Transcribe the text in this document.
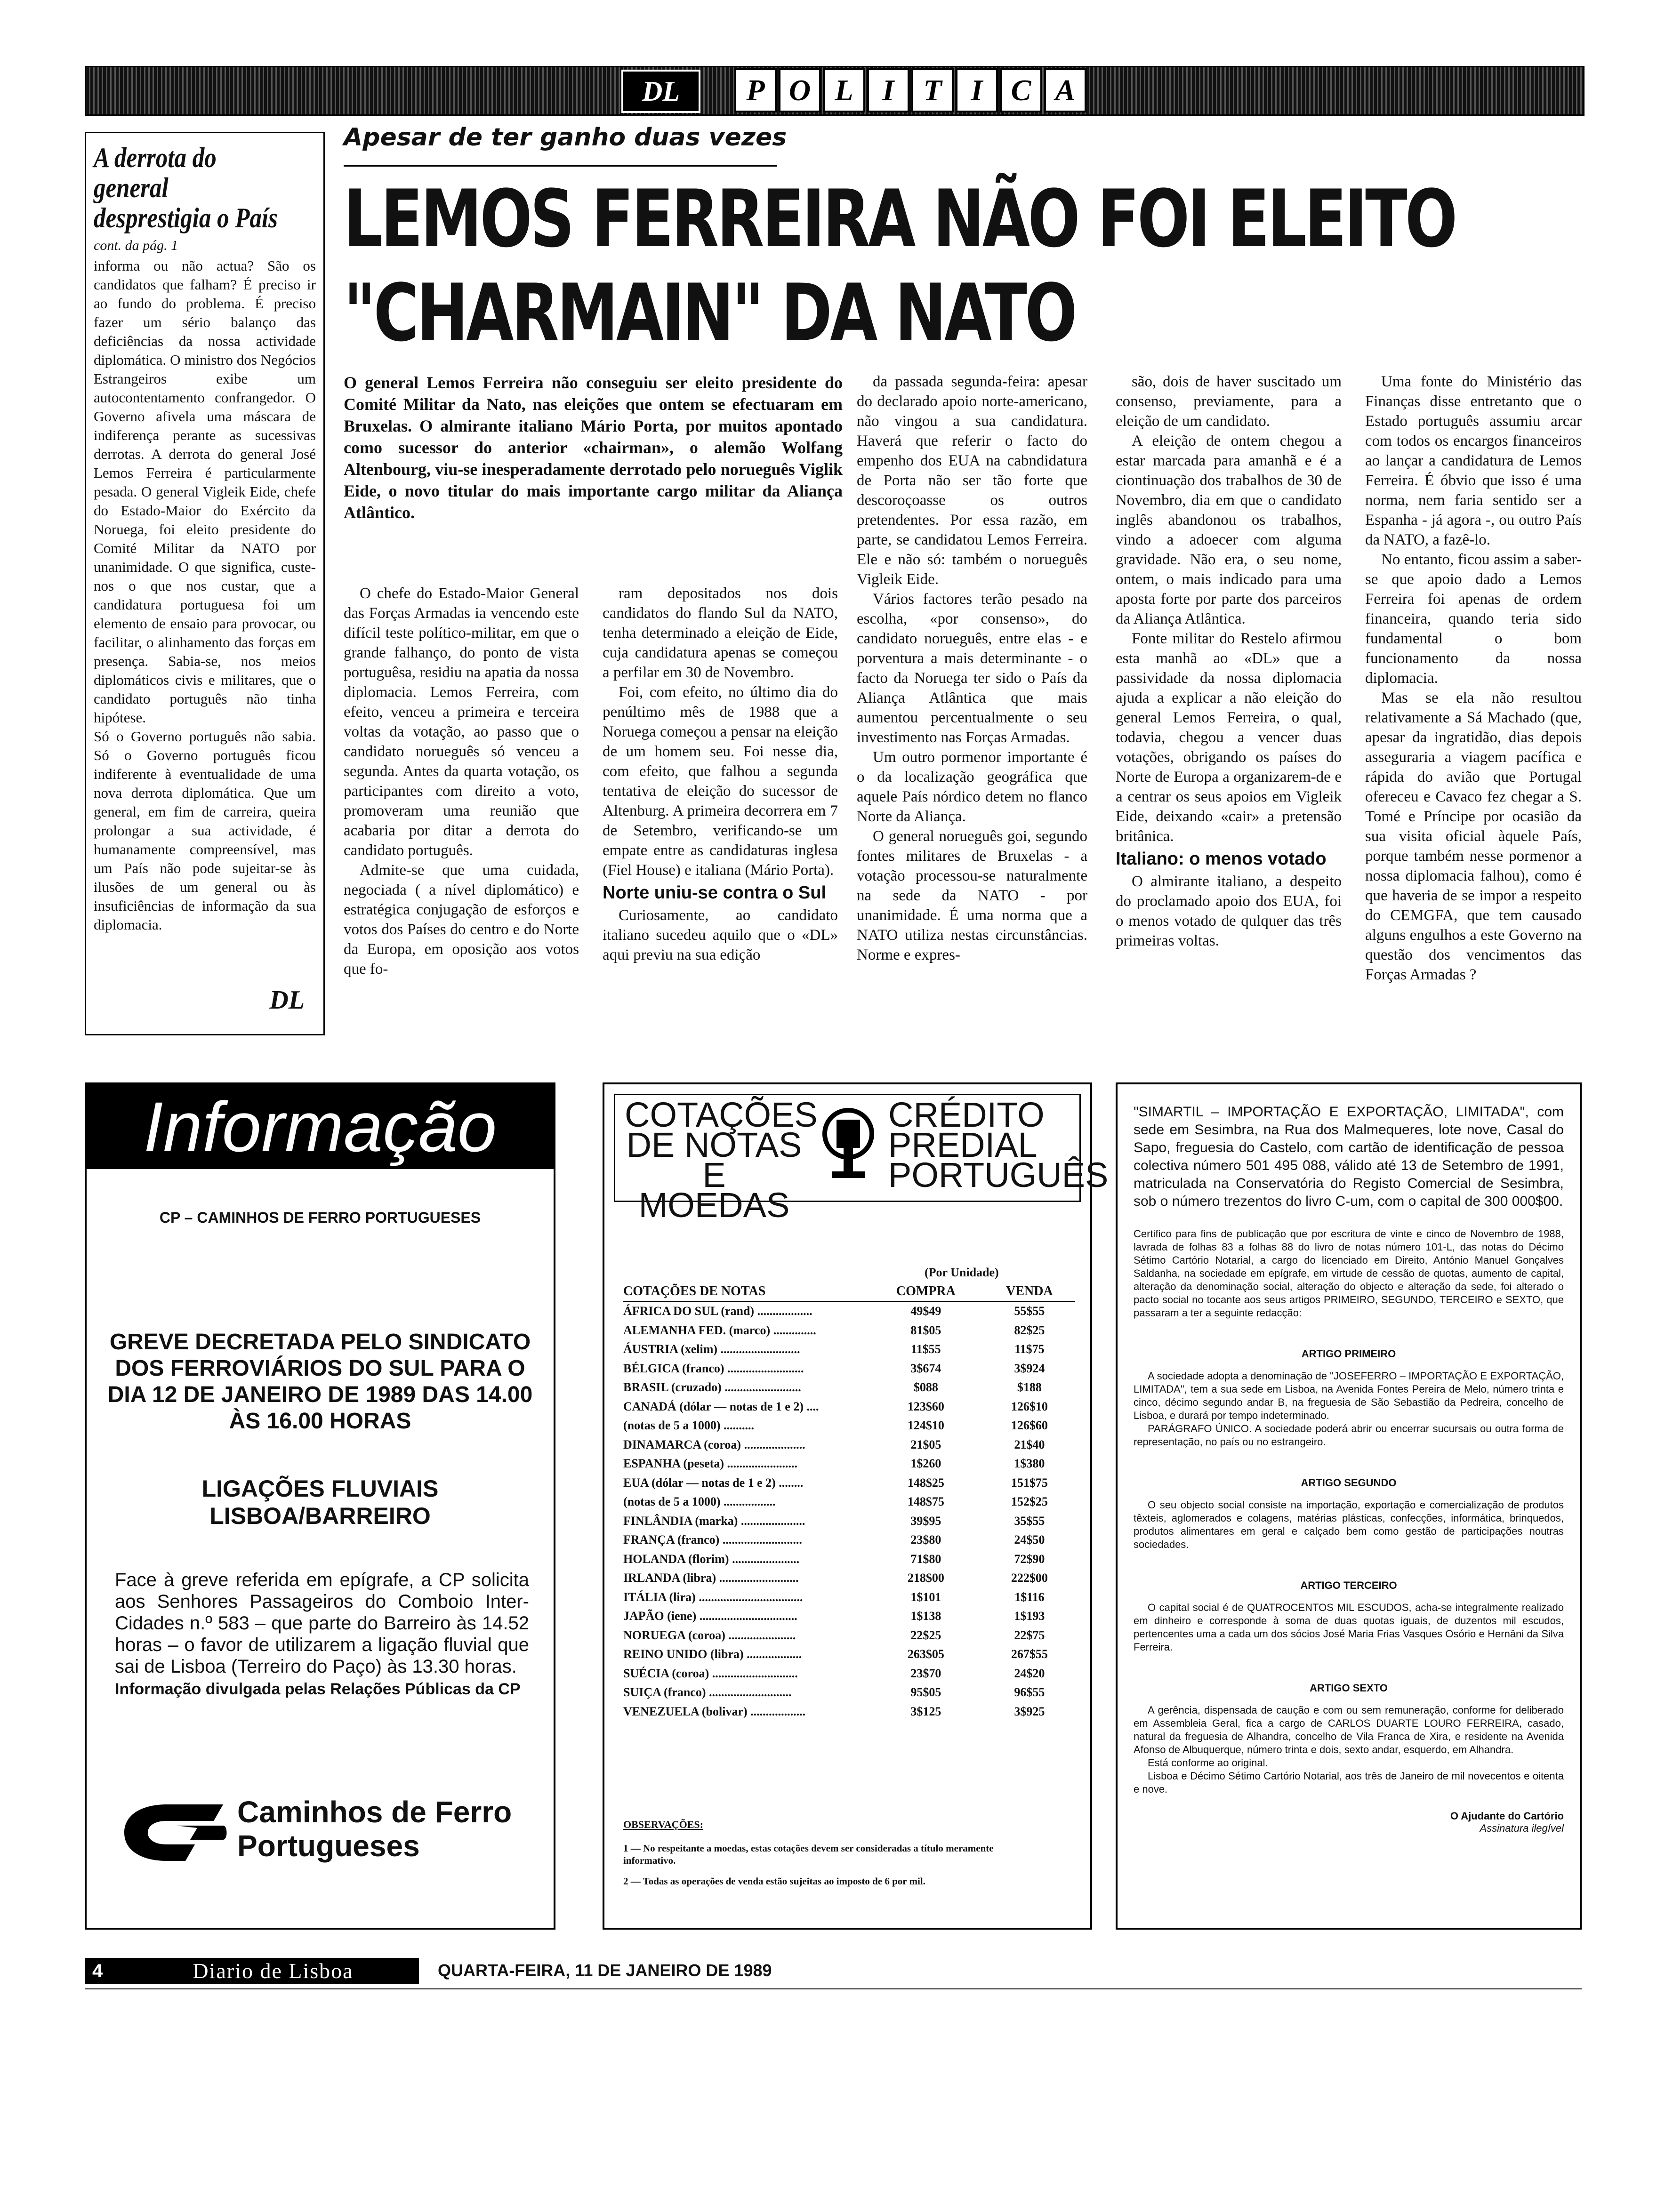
DL	P O L I T I C A
A derrota do general desprestigia o País
cont. da pág. 1

informa ou não actua? São os candidatos que falham? É preciso ir ao fundo do problema. É preciso fazer um sério balanço das deficiências da nossa actividade diplomática. O ministro dos Negócios Estrangeiros exibe um autocontentamento confrangedor. O Governo afivela uma máscara de indiferença perante as sucessivas derrotas. A derrota do general José Lemos Ferreira é particularmente pesada. O general Vigleik Eide, chefe do Estado-Maior do Exército da Noruega, foi eleito presidente do Comité Militar da NATO por unanimidade. O que significa, custe-nos o que nos custar, que a candidatura portuguesa foi um elemento de ensaio para provocar, ou facilitar, o alinhamento das forças em presença. Sabia-se, nos meios diplomáticos civis e militares, que o candidato português não tinha hipótese.

Só o Governo português não sabia. Só o Governo português ficou indiferente à eventualidade de uma nova derrota diplomática. Que um general, em fim de carreira, queira prolongar a sua actividade, é humanamente compreensível, mas um País não pode sujeitar-se às ilusões de um general ou às insuficiências de informação da sua diplomacia.

DL
Apesar de ter ganho duas vezes
LEMOS FERREIRA NÃO FOI ELEITO
"CHARMAIN" DA NATO
O general Lemos Ferreira não conseguiu ser eleito presidente do Comité Militar da Nato, nas eleições que ontem se efectuaram em Bruxelas. O almirante italiano Mário Porta, por muitos apontado como sucessor do anterior «chairman», o alemão Wolfang Altenbourg, viu-se inesperadamente derrotado pelo norueguês Viglik Eide, o novo titular do mais importante cargo militar da Aliança Atlântico.

O chefe do Estado-Maior General das Forças Armadas ia vencendo este difícil teste político-militar, em que o grande falhanço, do ponto de vista portuguêsa, residiu na apatia da nossa diplomacia. Lemos Ferreira, com efeito, venceu a primeira e terceira voltas da votação, ao passo que o candidato norueguês só venceu a segunda. Antes da quarta votação, os participantes com direito a voto, promoveram uma reunião que acabaria por ditar a derrota do candidato português.

Admite-se que uma cuidada, negociada ( a nível diplomático) e estratégica conjugação de esforços e votos dos Países do centro e do Norte da Europa, em oposição aos votos que fo-

ram depositados nos dois candidatos do flando Sul da NATO, tenha determinado a eleição de Eide, cuja candidatura apenas se começou a perfilar em 30 de Novembro.

Foi, com efeito, no último dia do penúltimo mês de 1988 que a Noruega começou a pensar na eleição de um homem seu. Foi nesse dia, com efeito, que falhou a segunda tentativa de eleição do sucessor de Altenburg. A primeira decorrera em 7 de Setembro, verificando-se um empate entre as candidaturas inglesa (Fiel House) e italiana (Mário Porta).

Norte uniu-se contra o Sul

Curiosamente, ao candidato italiano sucedeu aquilo que o «DL» aqui previu na sua edição

da passada segunda-feira: apesar do declarado apoio norte-americano, não vingou a sua candidatura. Haverá que referir o facto do empenho dos EUA na cabndidatura de Porta não ser tão forte que descoroçoasse os outros pretendentes. Por essa razão, em parte, se candidatou Lemos Ferreira. Ele e não só: também o norueguês Vigleik Eide.

Vários factores terão pesado na escolha, «por consenso», do candidato norueguês, entre elas - e porventura a mais determinante - o facto da Noruega ter sido o País da Aliança Atlântica que mais aumentou percentualmente o seu investimento nas Forças Armadas.

Um outro pormenor importante é o da localização geográfica que aquele País nórdico detem no flanco Norte da Aliança.

O general norueguês goi, segundo fontes militares de Bruxelas - a votação processou-se naturalmente na sede da NATO - por unanimidade. É uma norma que a NATO utiliza nestas circunstâncias. Norme e expres-

são, dois de haver suscitado um consenso, previamente, para a eleição de um candidato.

A eleição de ontem chegou a estar marcada para amanhã e é a ciontinuação dos trabalhos de 30 de Novembro, dia em que o candidato inglês abandonou os trabalhos, vindo a adoecer com alguma gravidade. Não era, o seu nome, ontem, o mais indicado para uma aposta forte por parte dos parceiros da Aliança Atlântica.

Fonte militar do Restelo afirmou esta manhã ao «DL» que a passividade da nossa diplomacia ajuda a explicar a não eleição do general Lemos Ferreira, o qual, todavia, chegou a vencer duas votações, obrigando os países do Norte de Europa a organizarem-de e a centrar os seus apoios em Vigleik Eide, deixando «cair» a pretensão britânica.

Italiano: o menos votado

O almirante italiano, a despeito do proclamado apoio dos EUA, foi o menos votado de qulquer das três primeiras voltas.

Uma fonte do Ministério das Finanças disse entretanto que o Estado português assumiu arcar com todos os encargos financeiros ao lançar a candidatura de Lemos Ferreira. É óbvio que isso é uma norma, nem faria sentido ser a Espanha - já agora -, ou outro País da NATO, a fazê-lo.

No entanto, ficou assim a saber-se que apoio dado a Lemos Ferreira foi apenas de ordem financeira, quando teria sido fundamental o bom funcionamento da nossa diplomacia.

Mas se ela não resultou relativamente a Sá Machado (que, apesar da ingratidão, dias depois asseguraria a viagem pacífica e rápida do avião que Portugal ofereceu e Cavaco fez chegar a S. Tomé e Príncipe por ocasião da sua visita oficial àquele País, porque também nesse pormenor a nossa diplomacia falhou), como é que haveria de se impor a respeito do CEMGFA, que tem causado alguns engulhos a este Governo na questão dos vencimentos das Forças Armadas ?

Informação
CP – CAMINHOS DE FERRO PORTUGUESES
GREVE DECRETADA PELO SINDICATO DOS FERROVIÁRIOS DO SUL PARA O DIA 12 DE JANEIRO DE 1989 DAS 14.00 ÀS 16.00 HORAS
LIGAÇÕES FLUVIAIS LISBOA/BARREIRO
Face à greve referida em epígrafe, a CP solicita aos Senhores Passageiros do Comboio Inter-Cidades n.º 583 – que parte do Barreiro às 14.52 horas – o favor de utilizarem a ligação fluvial que sai de Lisboa (Terreiro do Paço) às 13.30 horas.
Informação divulgada pelas Relações Públicas da CP
Caminhos de Ferro
Portugueses
COTAÇÕES
DE NOTAS
E MOEDAS
CRÉDITO
PREDIAL
PORTUGUÊS
(Por Unidade)
COTAÇÕES DE NOTAS	COMPRA	VENDA
ÁFRICA DO SUL (rand) ..................	49$49	55$55
ALEMANHA FED. (marco) ..............	81$05	82$25
ÁUSTRIA (xelim) ..........................	11$55	11$75
BÉLGICA (franco) .........................	3$674	3$924
BRASIL (cruzado) .........................	$088	$188
CANADÁ (dólar — notas de 1 e 2) ....	123$60	126$10
(notas de 5 a 1000) ..........	124$10	126$60
DINAMARCA (coroa) ....................	21$05	21$40
ESPANHA (peseta) .......................	1$260	1$380
EUA (dólar — notas de 1 e 2) ........	148$25	151$75
(notas de 5 a 1000) .................	148$75	152$25
FINLÂNDIA (marka) .....................	39$95	35$55
FRANÇA (franco) ..........................	23$80	24$50
HOLANDA (florim) ......................	71$80	72$90
IRLANDA (libra) ..........................	218$00	222$00
ITÁLIA (lira) ..................................	1$101	1$116
JAPÃO (iene) ................................	1$138	1$193
NORUEGA (coroa) ......................	22$25	22$75
REINO UNIDO (libra) ..................	263$05	267$55
SUÉCIA (coroa) ............................	23$70	24$20
SUIÇA (franco) ...........................	95$05	96$55
VENEZUELA (bolivar) ..................	3$125	3$925
OBSERVAÇÕES:
1 — No respeitante a moedas, estas cotações devem ser consideradas a título meramente informativo.
2 — Todas as operações de venda estão sujeitas ao imposto de 6 por mil.
"SIMARTIL – IMPORTAÇÃO E EXPORTAÇÃO, LIMITADA", com sede em Sesimbra, na Rua dos Malmequeres, lote nove, Casal do Sapo, freguesia do Castelo, com cartão de identificação de pessoa colectiva número 501 495 088, válido até 13 de Setembro de 1991, matriculada na Conservatória do Registo Comercial de Sesimbra, sob o número trezentos do livro C-um, com o capital de 300 000$00.
Certifico para fins de publicação que por escritura de vinte e cinco de Novembro de 1988, lavrada de folhas 83 a folhas 88 do livro de notas número 101-L, das notas do Décimo Sétimo Cartório Notarial, a cargo do licenciado em Direito, António Manuel Gonçalves Saldanha, na sociedade em epígrafe, em virtude de cessão de quotas, aumento de capital, alteração da denominação social, alteração do objecto e alteração da sede, foi alterado o pacto social no tocante aos seus artigos PRIMEIRO, SEGUNDO, TERCEIRO e SEXTO, que passaram a ter a seguinte redacção:
ARTIGO PRIMEIRO

A sociedade adopta a denominação de "JOSEFERRO – IMPORTAÇÃO E EXPORTAÇÃO, LIMITADA", tem a sua sede em Lisboa, na Avenida Fontes Pereira de Melo, número trinta e cinco, décimo segundo andar B, na freguesia de São Sebastião da Pedreira, concelho de Lisboa, e durará por tempo indeterminado.

PARÁGRAFO ÚNICO. A sociedade poderá abrir ou encerrar sucursais ou outra forma de representação, no país ou no estrangeiro.

ARTIGO SEGUNDO

O seu objecto social consiste na importação, exportação e comercialização de produtos têxteis, aglomerados e colagens, matérias plásticas, confecções, informática, brinquedos, produtos alimentares em geral e calçado bem como gestão de participações noutras sociedades.

ARTIGO TERCEIRO

O capital social é de QUATROCENTOS MIL ESCUDOS, acha-se integralmente realizado em dinheiro e corresponde à soma de duas quotas iguais, de duzentos mil escudos, pertencentes uma a cada um dos sócios José Maria Frias Vasques Osório e Hernâni da Silva Ferreira.

ARTIGO SEXTO

A gerência, dispensada de caução e com ou sem remuneração, conforme for deliberado em Assembleia Geral, fica a cargo de CARLOS DUARTE LOURO FERREIRA, casado, natural da freguesia de Alhandra, concelho de Vila Franca de Xira, e residente na Avenida Afonso de Albuquerque, número trinta e dois, sexto andar, esquerdo, em Alhandra.

Está conforme ao original.

Lisboa e Décimo Sétimo Cartório Notarial, aos três de Janeiro de mil novecentos e oitenta e nove.

O Ajudante do Cartório
Assinatura ilegível
4	Diario de Lisboa	QUARTA-FEIRA, 11 DE JANEIRO DE 1989
